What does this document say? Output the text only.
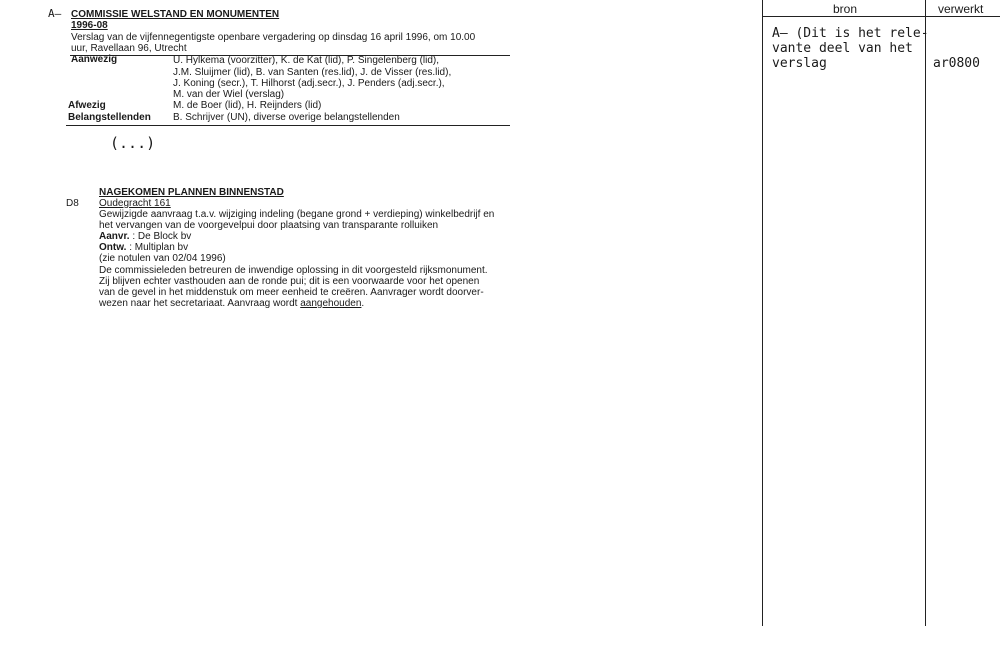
A– COMMISSIE WELSTAND EN MONUMENTEN
1996-08
Verslag van de vijfennegentigste openbare vergadering op dinsdag 16 april 1996, om 10.00
uur, Ravellaan 96, Utrecht
Aanwezig	U. Hylkema (voorzitter), K. de Kat (lid), P. Singelenberg (lid),
J.M. Sluijmer (lid), B. van Santen (res.lid), J. de Visser (res.lid),
J. Koning (secr.), T. Hilhorst (adj.secr.), J. Penders (adj.secr.),
M. van der Wiel (verslag)
Afwezig	M. de Boer (lid), H. Reijnders (lid)
Belangstellenden B. Schrijver (UN), diverse overige belangstellenden
(...)
NAGEKOMEN PLANNEN BINNENSTAD
D8 Oudegracht 161
Gewijzigde aanvraag t.a.v. wijziging indeling (begane grond + verdieping) winkelbedrijf en
het vervangen van de voorgevelpui door plaatsing van transparante rolluiken
Aanvr. : De Block bv
Ontw. : Multiplan bv
(zie notulen van 02/04 1996)
De commissieleden betreuren de inwendige oplossing in dit voorgesteld rijksmonument.
Zij blijven echter vasthouden aan de ronde pui; dit is een voorwaarde voor het openen
van de gevel in het middenstuk om meer eenheid te creëren. Aanvrager wordt doorver-
wezen naar het secretariaat. Aanvraag wordt aangehouden.
bron	verwerkt
A– (Dit is het rele-
vante deel van het
verslag	ar0800
